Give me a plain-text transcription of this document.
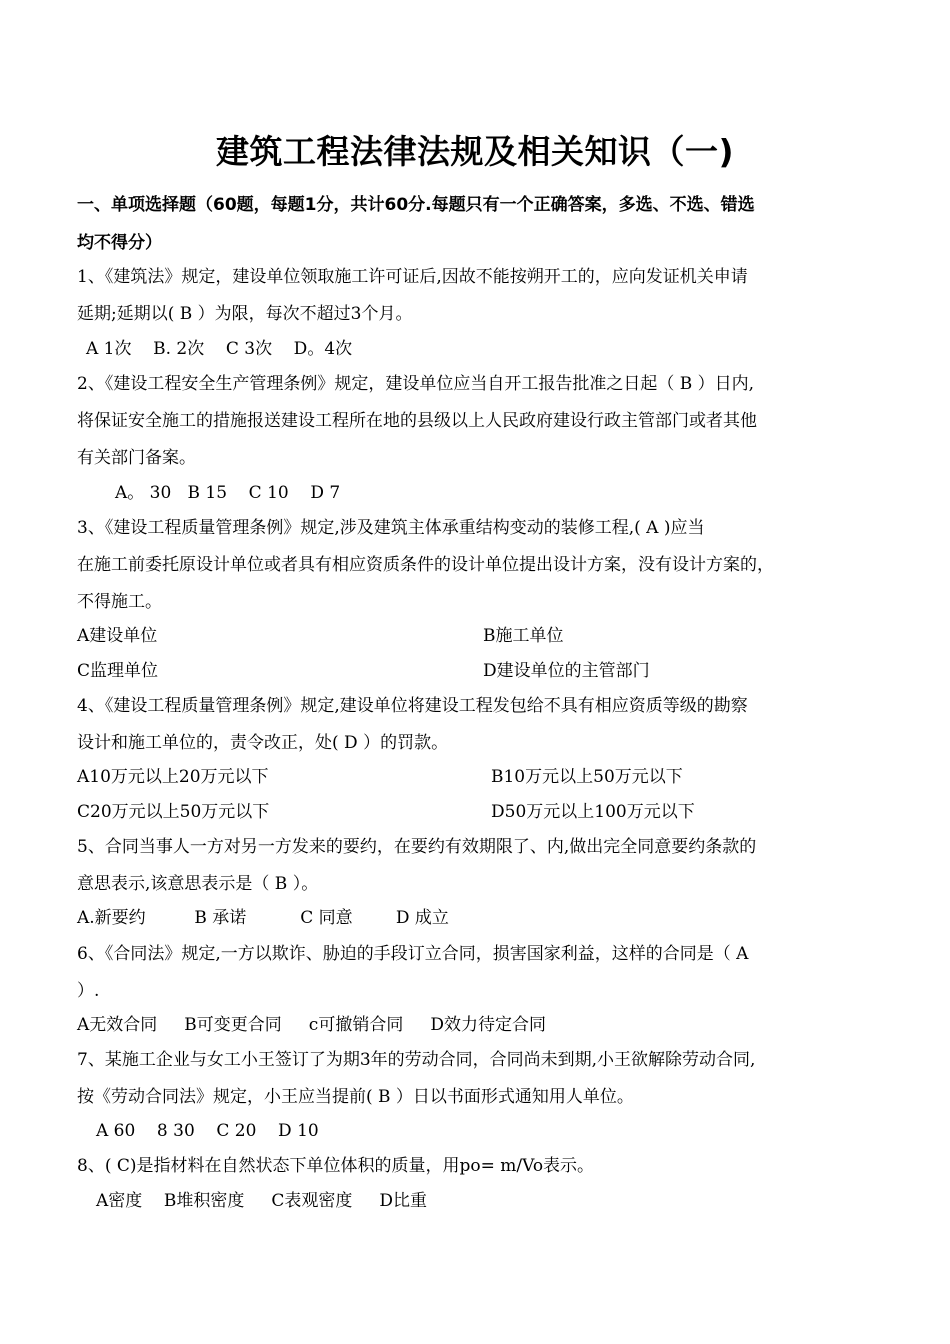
建筑工程法律法规及相关知识（一)
一、单项选择题（60题，每题1分，共计60分.每题只有一个正确答案，多选、不选、错选
均不得分）
1、《建筑法》规定，建设单位领取施工许可证后,因故不能按朔开工的，应向发证机关申请
延期;延期以( B ）为限，每次不超过3个月。
A 1次    B. 2次    C 3次    D。4次
2、《建设工程安全生产管理条例》规定，建设单位应当自开工报告批准之日起（ B ）日内,
将保证安全施工的措施报送建设工程所在地的县级以上人民政府建设行政主管部门或者其他
有关部门备案。
A。 30   B 15    C 10    D 7
3、《建设工程质量管理条例》规定,涉及建筑主体承重结构变动的装修工程,( A )应当
在施工前委托原设计单位或者具有相应资质条件的设计单位提出设计方案，没有设计方案的，
不得施工。
A建设单位	B施工单位
C监理单位	D建设单位的主管部门
4、《建设工程质量管理条例》规定,建设单位将建设工程发包给不具有相应资质等级的勘察
设计和施工单位的，责令改正，处( D ）的罚款。
A10万元以上20万元以下	B10万元以上50万元以下
C20万元以上50万元以下	D50万元以上100万元以下
5、合同当事人一方对另一方发来的要约，在要约有效期限了、内,做出完全同意要约条款的
意思表示,该意思表示是（ B ）。
A.新要约         B 承诺          C 同意        D 成立
6、《合同法》规定,一方以欺诈、胁迫的手段订立合同，损害国家利益，这样的合同是（ A
）.
A无效合同     B可变更合同     c可撤销合同     D效力待定合同
7、某施工企业与女工小王签订了为期3年的劳动合同，合同尚未到期,小王欲解除劳动合同,
按《劳动合同法》规定，小王应当提前( B ）日以书面形式通知用人单位。
A 60    8 30    C 20    D 10
8、( C)是指材料在自然状态下单位体积的质量，用po= m/Vo表示。
A密度    B堆积密度     C表观密度     D比重
